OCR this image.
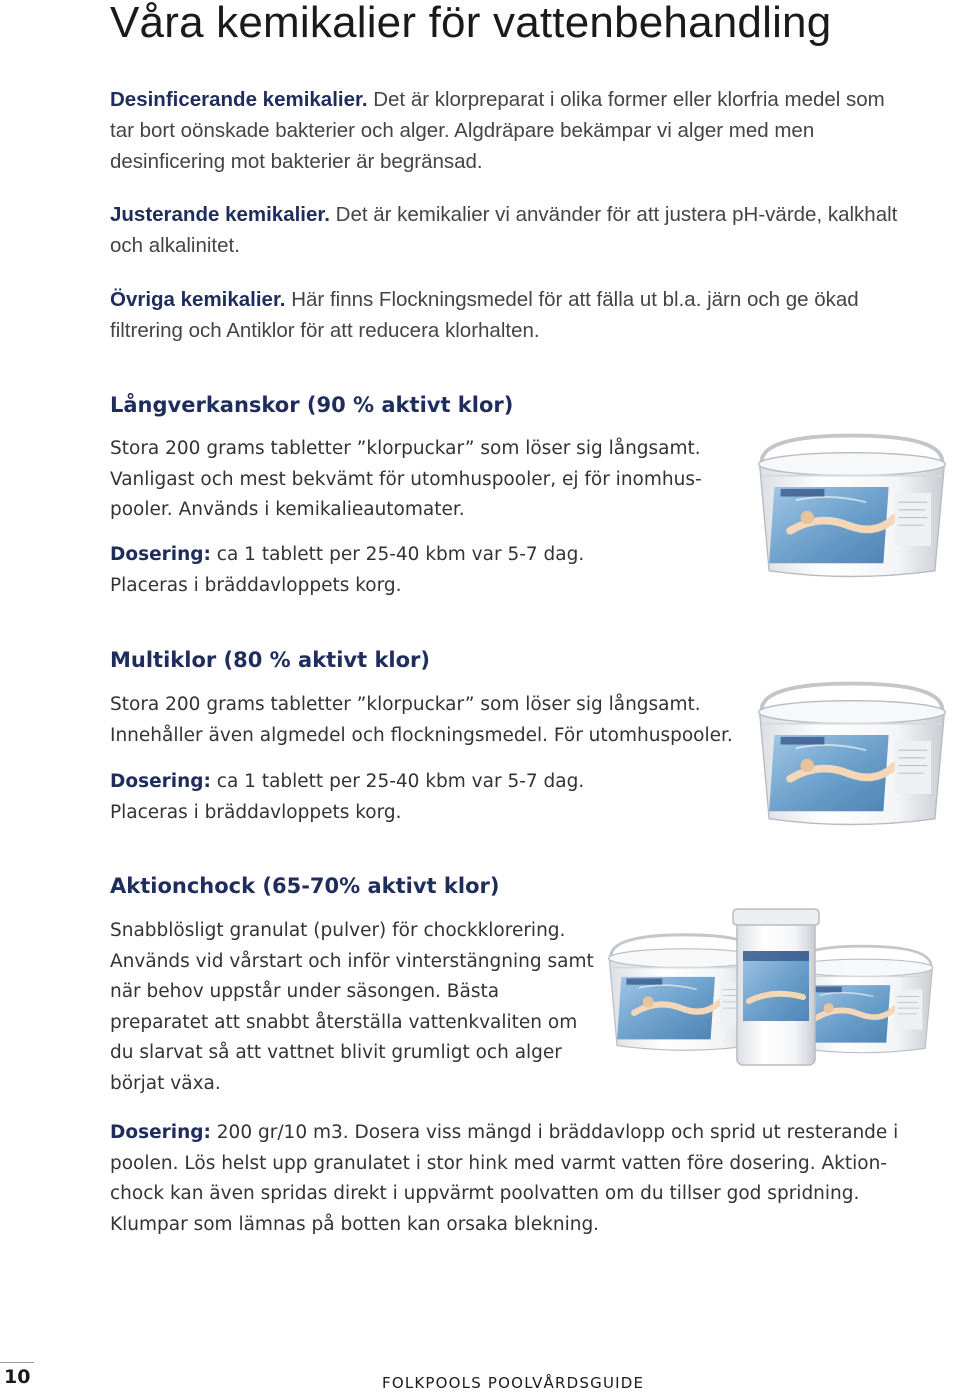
Våra kemikalier för vattenbehandling

Desinficerande kemikalier. Det är klorpreparat i olika former eller klorfria medel som tar bort oönskade bakterier och alger. Algdräpare bekämpar vi alger med men desinficering mot bakterier är begränsad.

Justerande kemikalier. Det är kemikalier vi använder för att justera pH-värde, kalkhalt och alkalinitet.

Övriga kemikalier. Här finns Flockningsmedel för att fälla ut bl.a. järn och ge ökad filtrering och Antiklor för att reducera klorhalten.

Långverkanskor (90 % aktivt klor)

Stora 200 grams tabletter ”klorpuckar” som löser sig långsamt. Vanligast och mest bekvämt för utomhuspooler, ej för inomhus-pooler. Används i kemikalieautomater.

Dosering: ca 1 tablett per 25-40 kbm var 5-7 dag.
Placeras i bräddavloppets korg.
Multiklor (80 % aktivt klor)

Stora 200 grams tabletter ”klorpuckar” som löser sig långsamt. Innehåller även algmedel och flockningsmedel. För utomhuspooler.

Dosering: ca 1 tablett per 25-40 kbm var 5-7 dag.
Placeras i bräddavloppets korg.
Aktionchock (65-70% aktivt klor)

Snabblösligt granulat (pulver) för chockklorering. Används vid vårstart och inför vinterstängning samt när behov uppstår under säsongen. Bästa preparatet att snabbt återställa vattenkvaliten om du slarvat så att vattnet blivit grumligt och alger börjat växa.

Dosering: 200 gr/10 m3. Dosera viss mängd i bräddavlopp och sprid ut resterande i poolen. Lös helst upp granulatet i stor hink med varmt vatten före dosering. Aktion-chock kan även spridas direkt i uppvärmt poolvatten om du tillser god spridning. Klumpar som lämnas på botten kan orsaka blekning.

10	FOLKPOOLS POOLVÅRDSGUIDE
